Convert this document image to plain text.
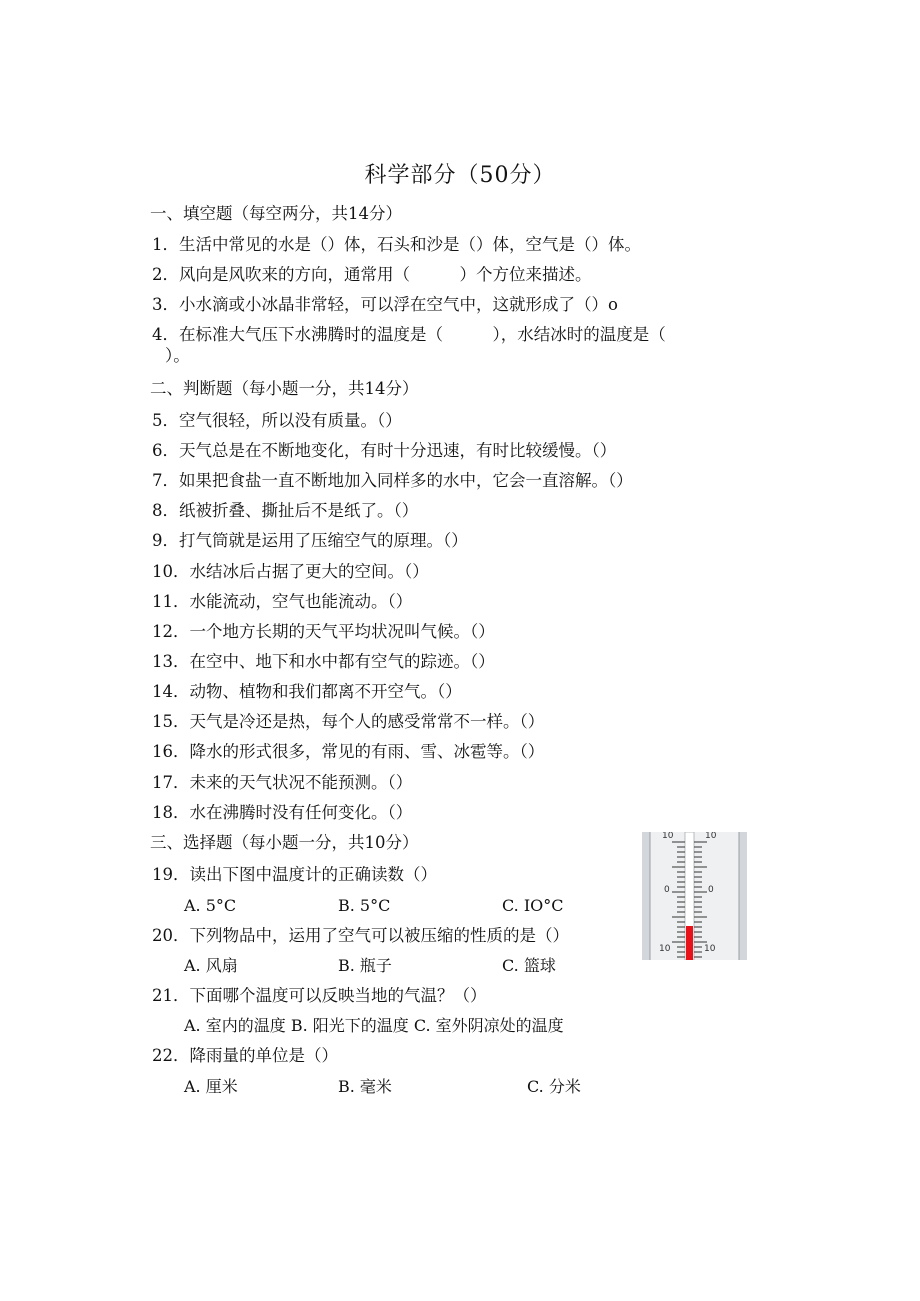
科学部分（50分）
一、填空题（每空两分，共14分）
1．生活中常见的水是（）体，石头和沙是（）体，空气是（）体。
2．风向是风吹来的方向，通常用（　　　）个方位来描述。
3．小水滴或小冰晶非常轻，可以浮在空气中，这就形成了（）o
4．在标准大气压下水沸腾时的温度是（　　　），水结冰时的温度是（
）。
二、判断题（每小题一分，共14分）
5．空气很轻，所以没有质量。（）
6．天气总是在不断地变化，有时十分迅速，有时比较缓慢。（）
7．如果把食盐一直不断地加入同样多的水中，它会一直溶解。（）
8．纸被折叠、撕扯后不是纸了。（）
9．打气筒就是运用了压缩空气的原理。（）
10．水结冰后占据了更大的空间。（）
11．水能流动，空气也能流动。（）
12．一个地方长期的天气平均状况叫气候。（）
13．在空中、地下和水中都有空气的踪迹。（）
14．动物、植物和我们都离不开空气。（）
15．天气是冷还是热，每个人的感受常常不一样。（）
16．降水的形式很多，常见的有雨、雪、冰雹等。（）
17．未来的天气状况不能预测。（）
18．水在沸腾时没有任何变化。（）
三、选择题（每小题一分，共10分）
19．读出下图中温度计的正确读数（）
A. 5°C	B. 5°C	C. IO°C
20．下列物品中，运用了空气可以被压缩的性质的是（）
A. 风扇	B. 瓶子	C. 篮球
21．下面哪个温度可以反映当地的气温？（）
A. 室内的温度 B. 阳光下的温度 C. 室外阴凉处的温度
22．降雨量的单位是（）
A. 厘米	B. 毫米	C. 分米
10	10
0	0
10	10
